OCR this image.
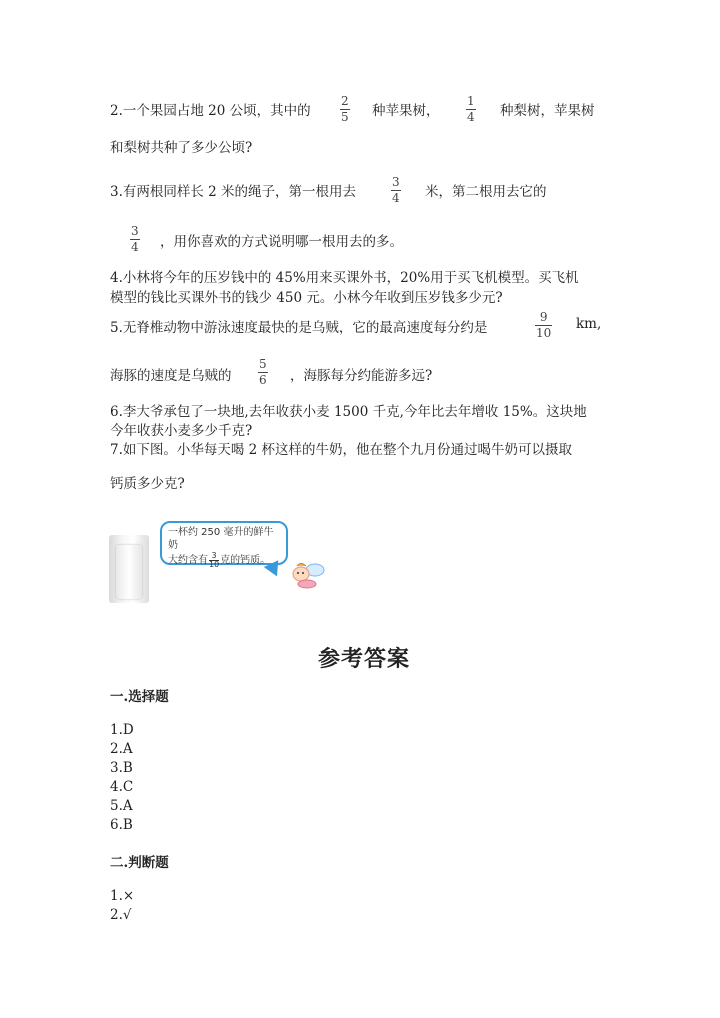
2.一个果园占地 20 公顷，其中的
2
5 种苹果树，
1
4 种梨树，苹果树
和梨树共种了多少公顷?
3.有两根同样长 2 米的绳子，第一根用去
3
4 米，第二根用去它的
3
4 ，用你喜欢的方式说明哪一根用去的多。
4.小林将今年的压岁钱中的 45%用来买课外书，20%用于买飞机模型。买飞机
模型的钱比买课外书的钱少 450 元。小林今年收到压岁钱多少元?
5.无脊椎动物中游泳速度最快的是乌贼，它的最高速度每分约是
9
10
km,
海豚的速度是乌贼的
5
6 ，海豚每分约能游多远?
6.李大爷承包了一块地,去年收获小麦 1500 千克,今年比去年增收 15%。这块地
今年收获小麦多少千克?
7.如下图。小华每天喝 2 杯这样的牛奶，他在整个九月份通过喝牛奶可以摄取
钙质多少克?
一杯约 250 毫升的鲜牛奶
大约含有 $\frac{3}{10}$ 克的钙质。
参考答案
一.选择题
1.D
2.A
3.B
4.C
5.A
6.B
二.判断题
1.×
2.√
